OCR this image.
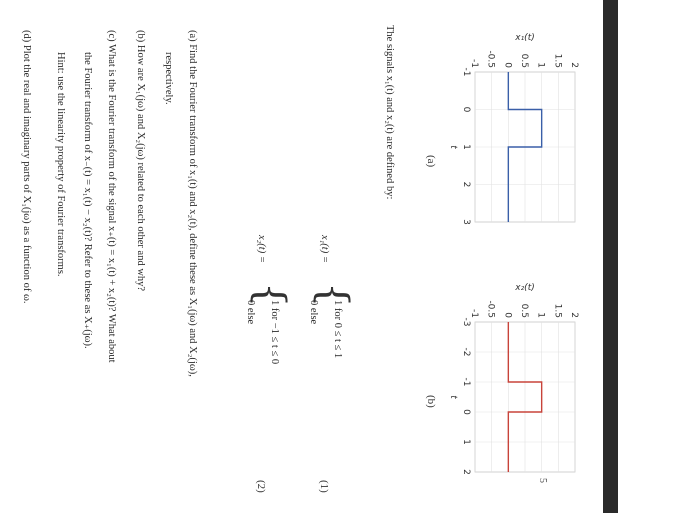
-1
0
1
2
3
2
1.5
1
0.5
0
-0.5
-1
t
x₁(t)
(a)
-3
-2
-1
0
1
2
2
1.5
1
0.5
0
-0.5
-1
t
x₂(t)
(b)
The signals x₁(t) and x₂(t) are defined by:
x₁(t) =
{
1 for 0 ≤ t ≤ 1
0 else
(1)
x₂(t) =
{
1 for −1 ≤ t ≤ 0
0 else
(2)
(a) Find the Fourier transform of x₁(t) and x₂(t), define these as X₁(jω) and X₂(jω),
respectively.
(b) How are X₁(jω) and X₂(jω) related to each other and why?
(c) What is the Fourier transform of the signal x₊(t) = x₁(t) + x₂(t)? What about
the Fourier transform of x₋(t) = x₁(t) − x₂(t)? Refer to these as X₊(jω).
Hint: use the linearity property of Fourier transforms.
(d) Plot the real and imaginary parts of X₁(jω) as a function of ω.
5
